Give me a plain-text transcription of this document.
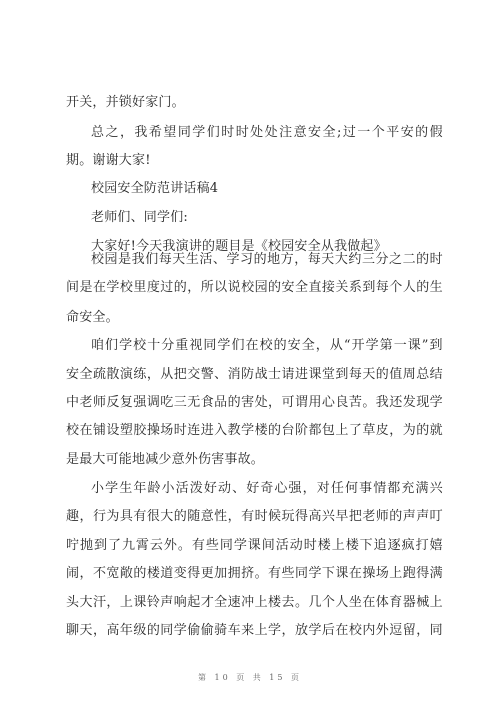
开关，并锁好家门。
总 之 ， 我 希 望 同 学 们 时 时 处 处 注 意 安 全 ; 过 一 个 平 安 的 假
期。谢谢大家!
校园安全防范讲话稿4
老师们、同学们:
大家好!今天我演讲的题目是《校园安全从我做起》
校 园 是 我 们 每 天 生 活 、 学 习 的 地 方 ， 每 天 大 约 三 分 之 二 的 时
间 是 在 学 校 里 度 过 的 ， 所 以 说 校 园 的 安 全 直 接 关 系 到 每 个 人 的 生
命安全。
咱 们 学 校 十 分 重 视 同 学 们 在 校 的 安 全 ， 从 “ 开 学 第 一 课 ” 到
安 全 疏 散 演 练 ， 从 把 交 警 、 消 防 战 士 请 进 课 堂 到 每 天 的 值 周 总 结
中 老 师 反 复 强 调 吃 三 无 食 品 的 害 处 ， 可 谓 用 心 良 苦 。 我 还 发 现 学
校 在 铺 设 塑 胶 操 场 时 连 进 入 教 学 楼 的 台 阶 都 包 上 了 草 皮 ， 为 的 就
是最大可能地减少意外伤害事故。
小 学 生 年 龄 小 活 泼 好 动 、 好 奇 心 强 ， 对 任 何 事 情 都 充 满 兴
趣 ， 行 为 具 有 很 大 的 随 意 性 ， 有 时 候 玩 得 高 兴 早 把 老 师 的 声 声 叮
咛 抛 到 了 九 霄 云 外 。 有 些 同 学 课 间 活 动 时 楼 上 楼 下 追 逐 疯 打 嬉
闹 ， 不 宽 敞 的 楼 道 变 得 更 加 拥 挤 。 有 些 同 学 下 课 在 操 场 上 跑 得 满
头 大 汗 ， 上 课 铃 声 响 起 才 全 速 冲 上 楼 去 。 几 个 人 坐 在 体 育 器 械 上
聊 天 ， 高 年 级 的 同 学 偷 偷 骑 车 来 上 学 ， 放 学 后 在 校 内 外 逗 留 ， 同
第 10 页 共 15 页
